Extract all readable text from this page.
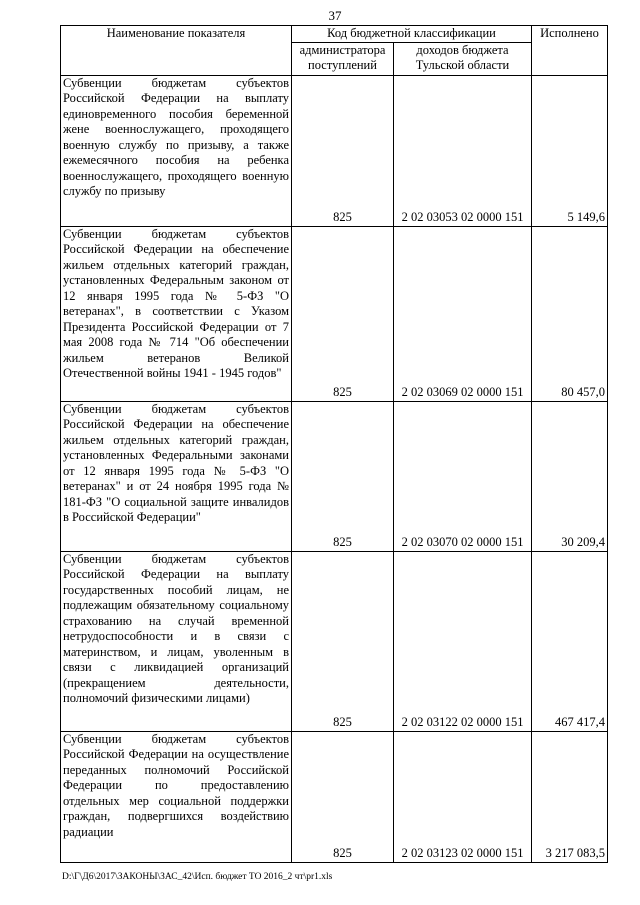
37
Наименование показателя	Код бюджетной классификации		Исполнено
	администратора поступлений	доходов бюджета Тульской области	
Субвенции бюджетам субъектов Российской Федерации на выплату единовременного пособия беременной жене военнослужащего, проходящего военную службу по призыву, а также ежемесячного пособия на ребенка военнослужащего, проходящего военную службу по призыву	825	2 02 03053 02 0000 151	5 149,6
Субвенции бюджетам субъектов Российской Федерации на обеспечение жильем отдельных категорий граждан, установленных Федеральным законом от 12 января 1995 года № 5-ФЗ "О ветеранах", в соответствии с Указом Президента Российской Федерации от 7 мая 2008 года № 714 "Об обеспечении жильем ветеранов Великой Отечественной войны 1941 - 1945 годов"	825	2 02 03069 02 0000 151	80 457,0
Субвенции бюджетам субъектов Российской Федерации на обеспечение жильем отдельных категорий граждан, установленных Федеральными законами от 12 января 1995 года № 5-ФЗ "О ветеранах" и от 24 ноября 1995 года № 181-ФЗ "О социальной защите инвалидов в Российской Федерации"	825	2 02 03070 02 0000 151	30 209,4
Субвенции бюджетам субъектов Российской Федерации на выплату государственных пособий лицам, не подлежащим обязательному социальному страхованию на случай временной нетрудоспособности и в связи с материнством, и лицам, уволенным в связи с ликвидацией организаций (прекращением деятельности, полномочий физическими лицами)	825	2 02 03122 02 0000 151	467 417,4
Субвенции бюджетам субъектов Российской Федерации на осуществление переданных полномочий Российской Федерации по предоставлению отдельных мер социальной поддержки граждан, подвергшихся воздействию радиации	825	2 02 03123 02 0000 151	3 217 083,5
D:\Г\Д6\2017\ЗАКОНЫ\ЗАС_42\Исп. бюджет ТО 2016_2 чт\pr1.xls
